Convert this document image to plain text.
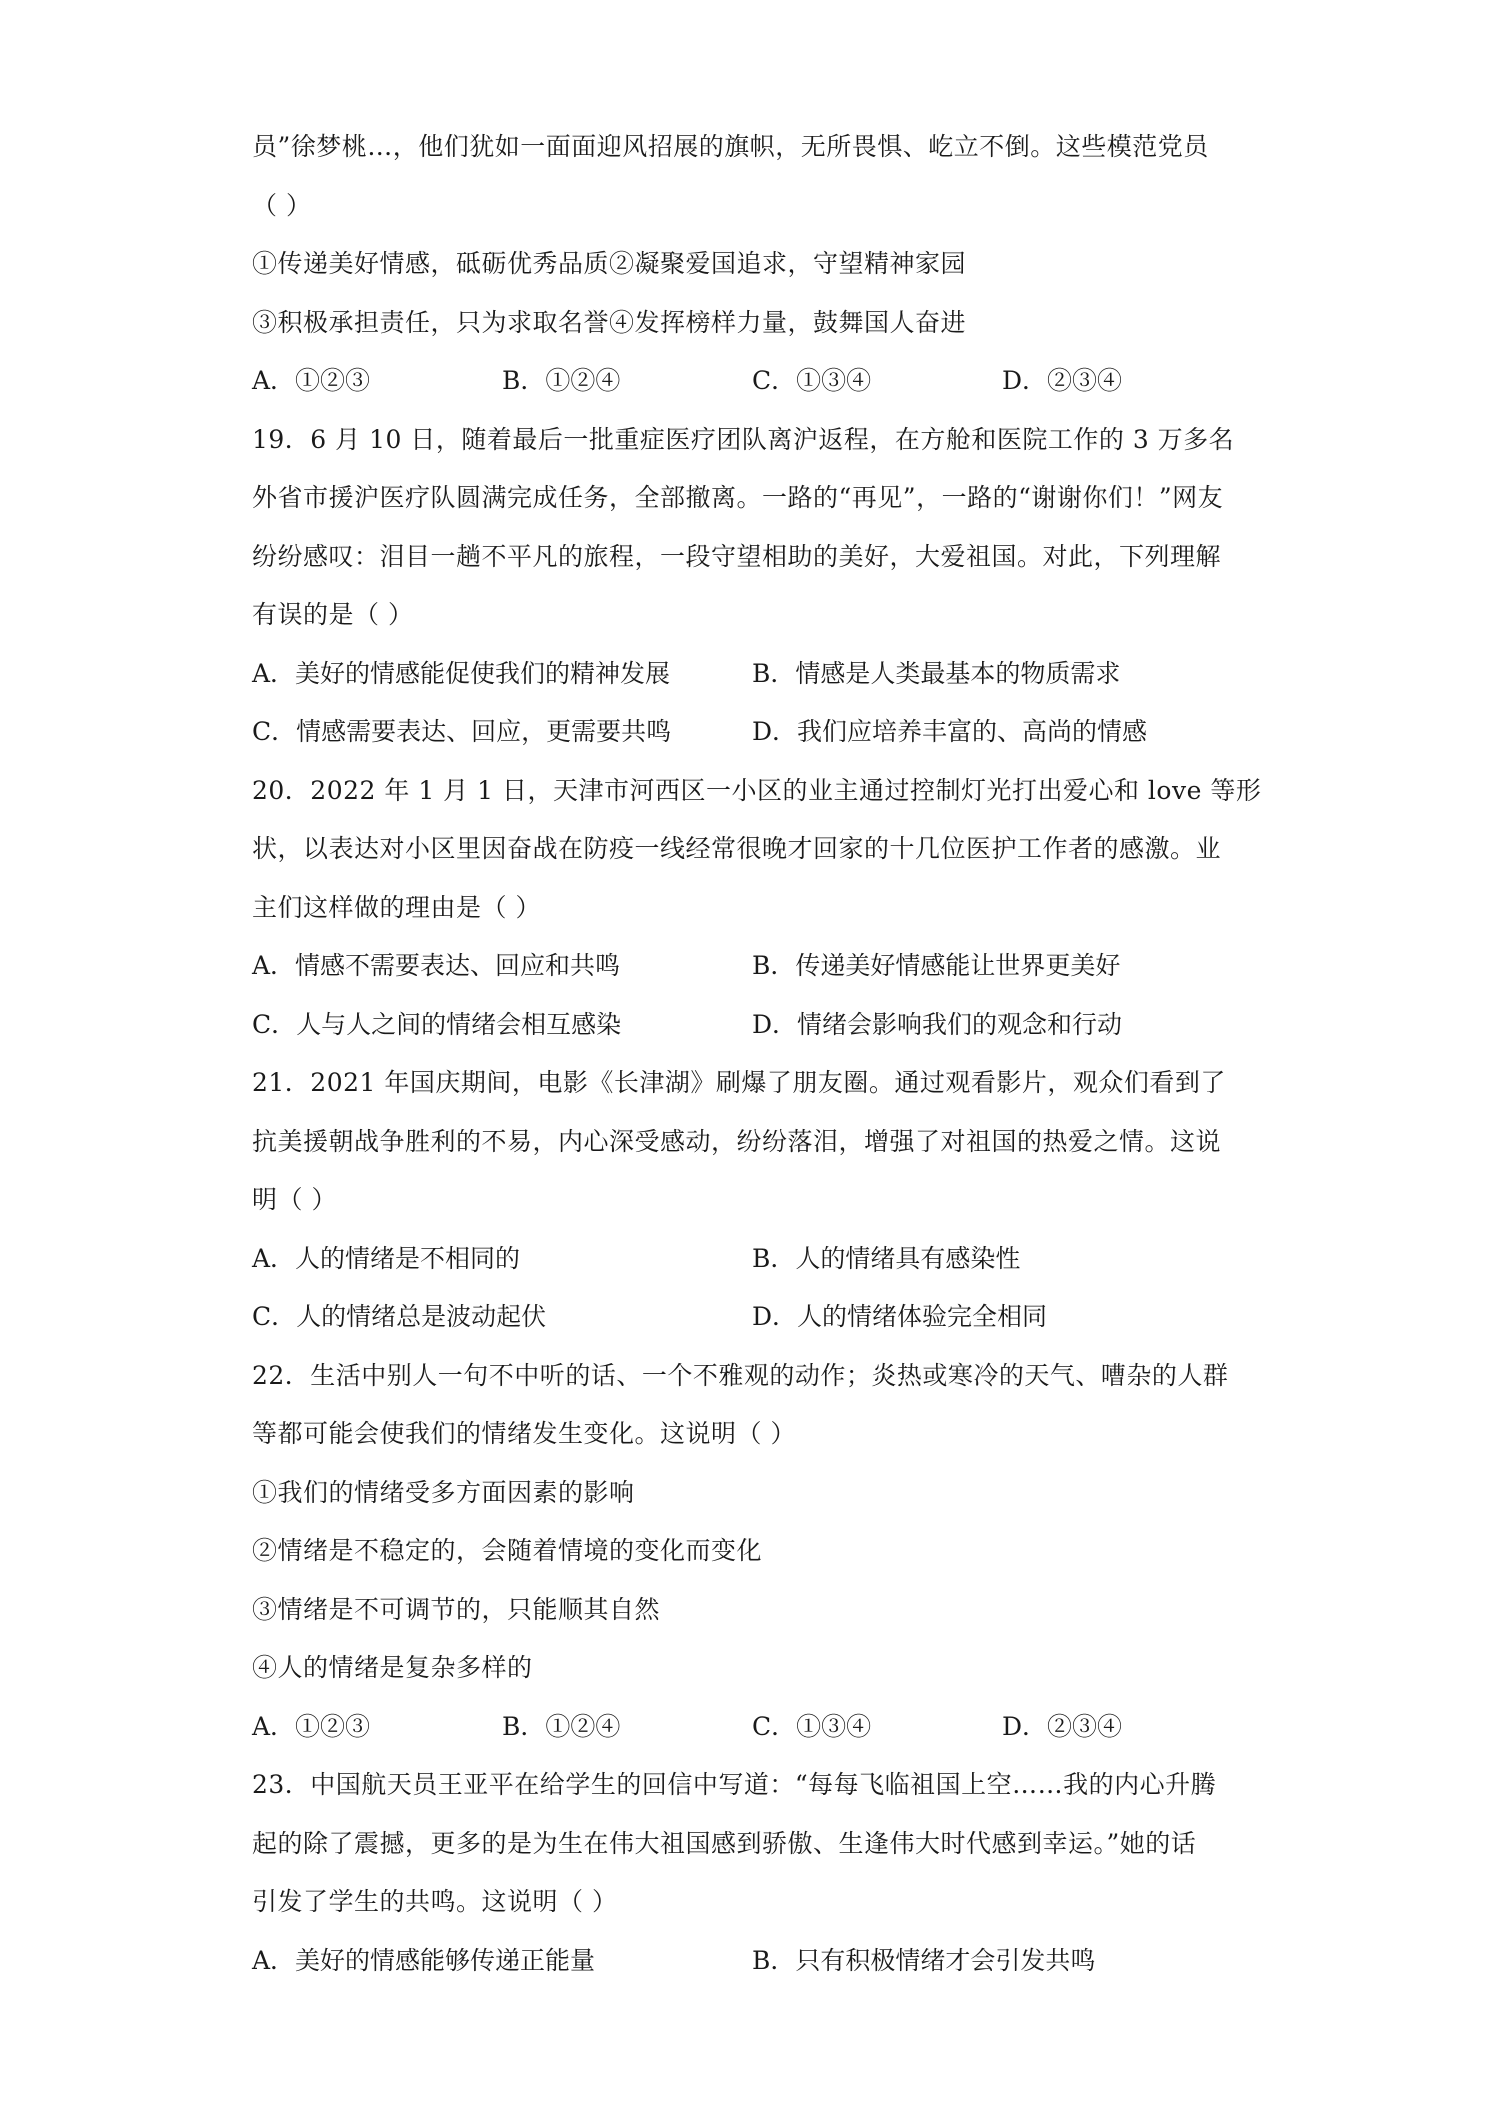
员”徐梦桃…，他们犹如一面面迎风招展的旗帜，无所畏惧、屹立不倒。这些模范党员
（ ）
①传递美好情感，砥砺优秀品质②凝聚爱国追求，守望精神家园
③积极承担责任，只为求取名誉④发挥榜样力量，鼓舞国人奋进
A．①②③	B．①②④	C．①③④	D．②③④
19．6 月 10 日，随着最后一批重症医疗团队离沪返程，在方舱和医院工作的 3 万多名
外省市援沪医疗队圆满完成任务，全部撤离。一路的“再见”，一路的“谢谢你们！”网友
纷纷感叹：泪目一趟不平凡的旅程，一段守望相助的美好，大爱祖国。对此，下列理解
有误的是（ ）
A．美好的情感能促使我们的精神发展	B．情感是人类最基本的物质需求
C．情感需要表达、回应，更需要共鸣	D．我们应培养丰富的、高尚的情感
20．2022 年 1 月 1 日，天津市河西区一小区的业主通过控制灯光打出爱心和 love 等形
状，以表达对小区里因奋战在防疫一线经常很晚才回家的十几位医护工作者的感激。业
主们这样做的理由是（ ）
A．情感不需要表达、回应和共鸣	B．传递美好情感能让世界更美好
C．人与人之间的情绪会相互感染	D．情绪会影响我们的观念和行动
21．2021 年国庆期间，电影《长津湖》刷爆了朋友圈。通过观看影片，观众们看到了
抗美援朝战争胜利的不易，内心深受感动，纷纷落泪，增强了对祖国的热爱之情。这说
明（ ）
A．人的情绪是不相同的	B．人的情绪具有感染性
C．人的情绪总是波动起伏	D．人的情绪体验完全相同
22．生活中别人一句不中听的话、一个不雅观的动作；炎热或寒冷的天气、嘈杂的人群
等都可能会使我们的情绪发生变化。这说明（ ）
①我们的情绪受多方面因素的影响
②情绪是不稳定的，会随着情境的变化而变化
③情绪是不可调节的，只能顺其自然
④人的情绪是复杂多样的
A．①②③	B．①②④	C．①③④	D．②③④
23．中国航天员王亚平在给学生的回信中写道：“每每飞临祖国上空……我的内心升腾
起的除了震撼，更多的是为生在伟大祖国感到骄傲、生逢伟大时代感到幸运。”她的话
引发了学生的共鸣。这说明（ ）
A．美好的情感能够传递正能量	B．只有积极情绪才会引发共鸣
